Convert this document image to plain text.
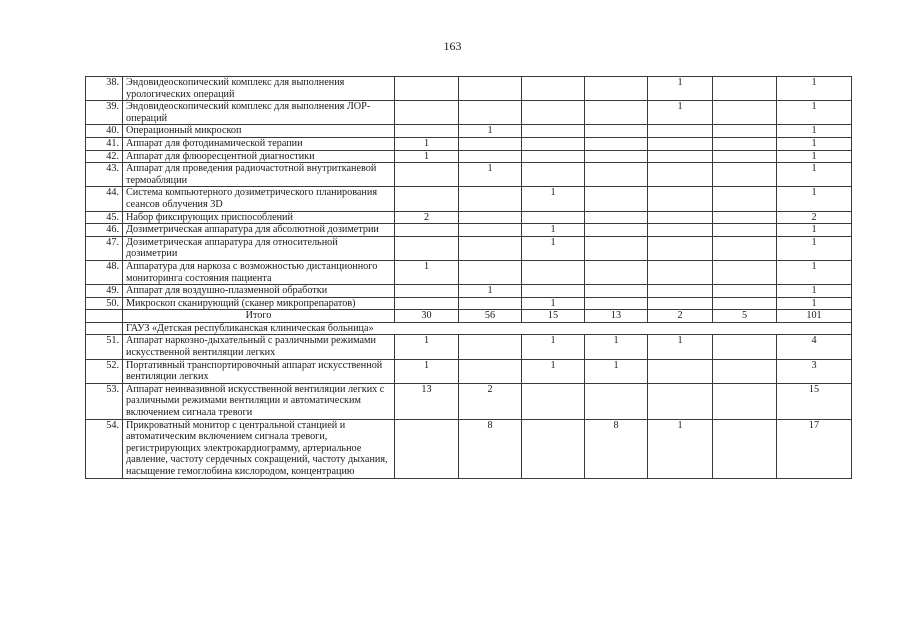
163
38.	Эндовидеоскопический комплекс для выполнения урологических операций					1		1
39.	Эндовидеоскопический комплекс для выполнения ЛОР-операций					1		1
40.	Операционный микроскоп		1					1
41.	Аппарат для фотодинамической терапии	1						1
42.	Аппарат для флюоресцентной диагностики	1						1
43.	Аппарат для проведения радиочастотной внутритканевой термоабляции		1					1
44.	Система компьютерного дозиметрического планирования сеансов облучения 3D			1				1
45.	Набор фиксирующих приспособлений	2						2
46.	Дозиметрическая аппаратура для абсолютной дозиметрии			1				1
47.	Дозиметрическая аппаратура для относительной дозиметрии			1				1
48.	Аппаратура для наркоза с возможностью дистанционного мониторинга состояния пациента	1						1
49.	Аппарат для воздушно-плазменной обработки		1					1
50.	Микроскоп сканирующий (сканер микропрепаратов)			1				1
	Итого	30	56	15	13	2	5	101
	ГАУЗ «Детская республиканская клиническая больница»							
51.	Аппарат наркозно-дыхательный с различными режимами искусственной вентиляции легких	1		1	1	1		4
52.	Портативный транспортировочный аппарат искусственной вентиляции легких	1		1	1			3
53.	Аппарат неинвазивной искусственной вентиляции легких с различными режимами вентиляции и автоматическим включением сигнала тревоги	13	2					15
54.	Прикроватный монитор с центральной станцией и автоматическим включением сигнала тревоги, регистрирующих электрокардиограмму, артериальное давление, частоту сердечных сокращений, частоту дыхания, насыщение гемоглобина кислородом, концентрацию		8		8	1		17
